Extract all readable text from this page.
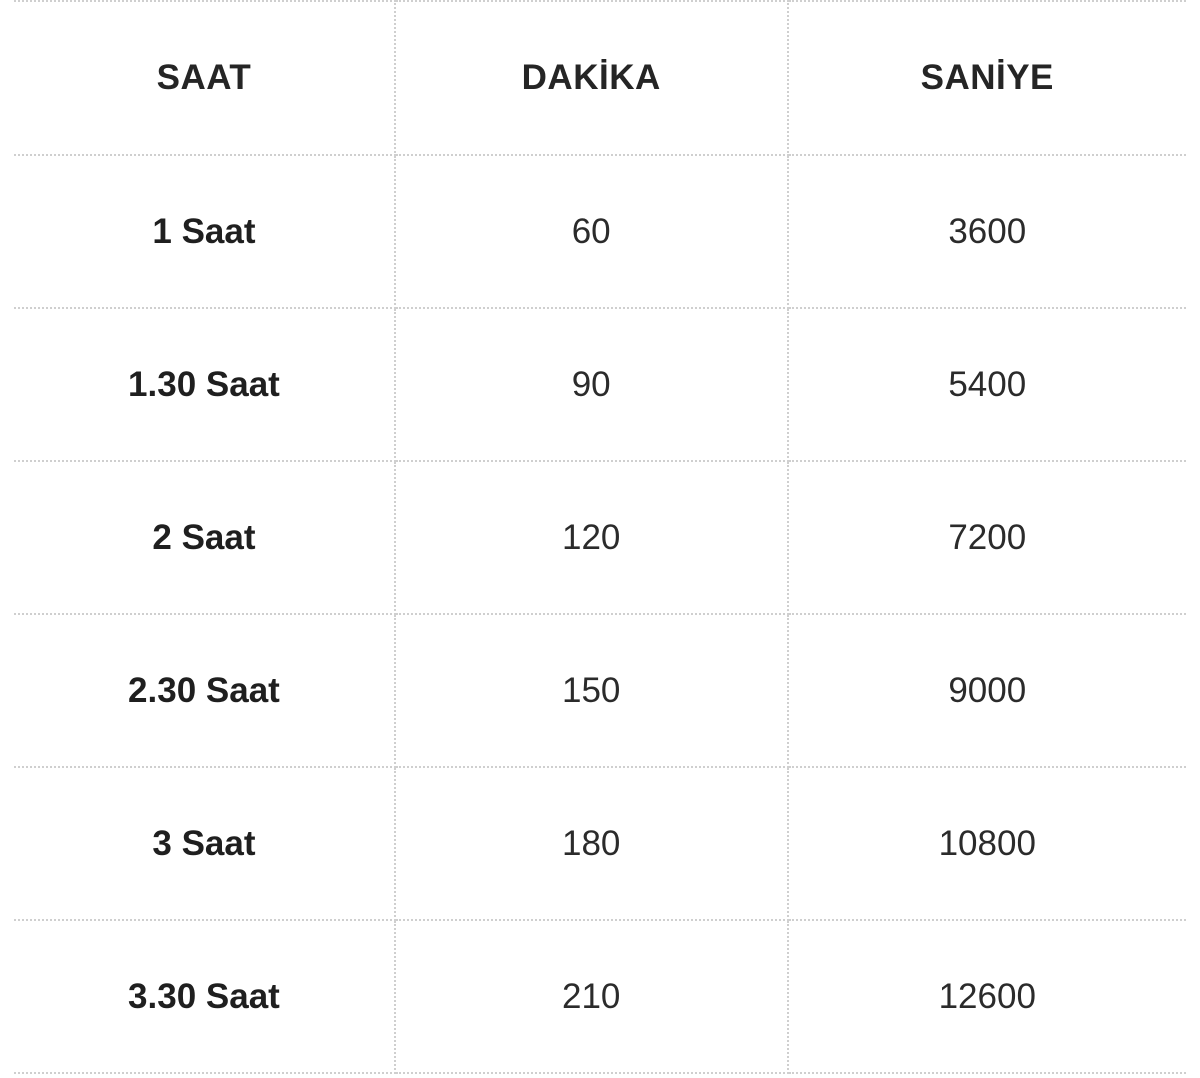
SAAT	DAKİKA	SANİYE
1 Saat	60	3600
1.30 Saat	90	5400
2 Saat	120	7200
2.30 Saat	150	9000
3 Saat	180	10800
3.30 Saat	210	12600
